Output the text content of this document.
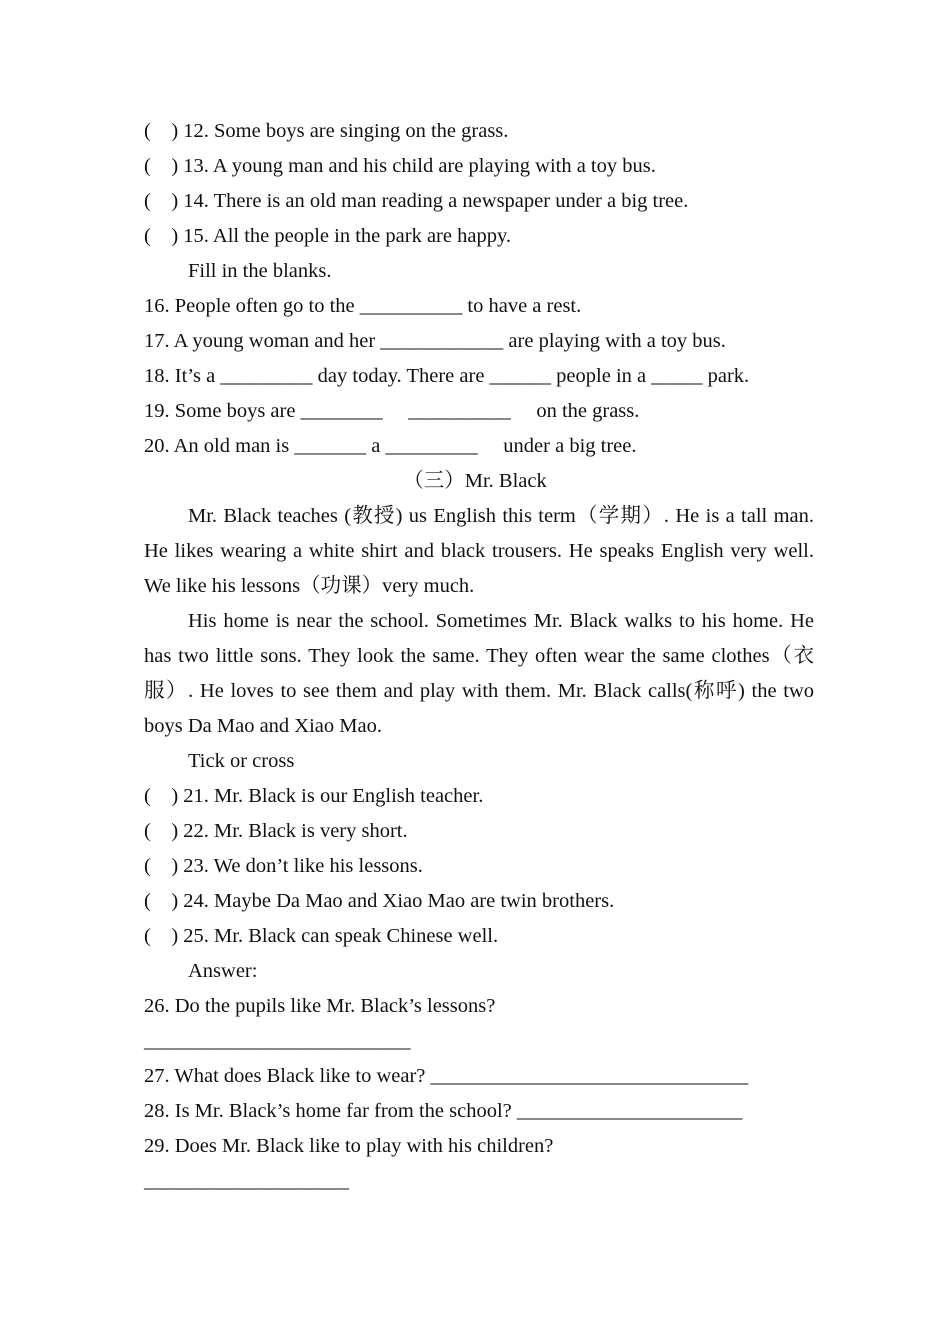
(    ) 12. Some boys are singing on the grass.
(    ) 13. A young man and his child are playing with a toy bus.
(    ) 14. There is an old man reading a newspaper under a big tree.
(    ) 15. All the people in the park are happy.
Fill in the blanks.
16. People often go to the __________ to have a rest.
17. A young woman and her ____________ are playing with a toy bus.
18. It’s a _________ day today. There are ______ people in a _____ park.
19. Some boys are ________     __________     on the grass.
20. An old man is _______ a _________     under a big tree.
（三）Mr. Black
Mr. Black teaches (教授) us English this term（学期）. He is a tall man. He likes wearing a white shirt and black trousers. He speaks English very well. We like his lessons（功课）very much.
His home is near the school. Sometimes Mr. Black walks to his home. He has two little sons. They look the same. They often wear the same clothes（衣服）. He loves to see them and play with them. Mr. Black calls(称呼) the two boys Da Mao and Xiao Mao.
Tick or cross
(    ) 21. Mr. Black is our English teacher.
(    ) 22. Mr. Black is very short.
(    ) 23. We don’t like his lessons.
(    ) 24. Maybe Da Mao and Xiao Mao are twin brothers.
(    ) 25. Mr. Black can speak Chinese well.
Answer:
26. Do the pupils like Mr. Black’s lessons?
__________________________
27. What does Black like to wear? _______________________________
28. Is Mr. Black’s home far from the school? ______________________
29. Does Mr. Black like to play with his children?
____________________
